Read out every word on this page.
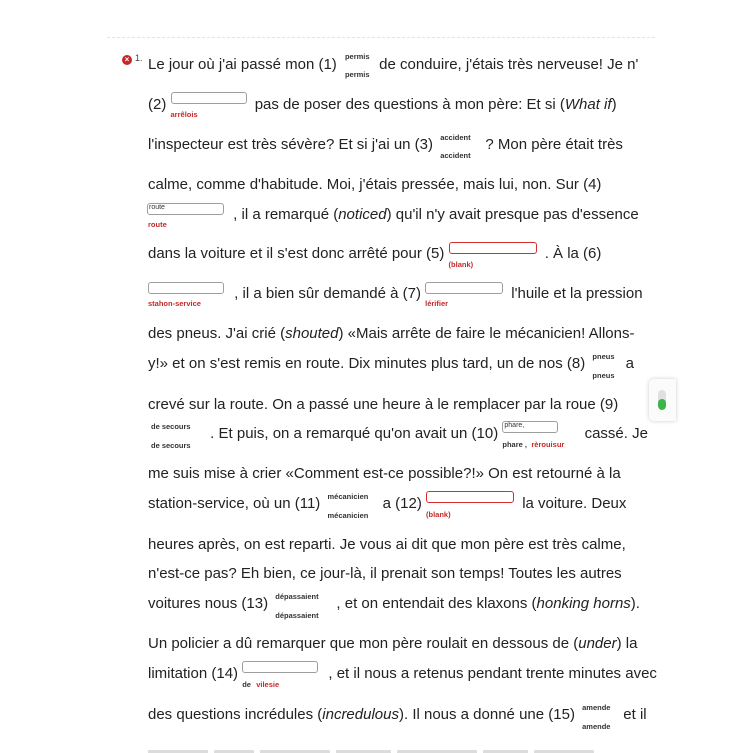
× 1. Le jour où j'ai passé mon (1) permis
permis
de conduire, j'étais très nerveuse! Je n'
(2)
arrêlois
pas de poser des questions à mon père: Et si (What if)
l'inspecteur est très sévère? Et si j'ai un (3) accident
accident
? Mon père était très
calme, comme d'habitude. Moi, j'étais pressée, mais lui, non. Sur (4)
route
route
, il a remarqué (noticed) qu'il n'y avait presque pas d'essence
dans la voiture et il s'est donc arrêté pour (5)
(blank)
. À la (6)
stahon-service
, il a bien sûr demandé à (7)
lérifier
l'huile et la pression
des pneus. J'ai crié (shouted) «Mais arrête de faire le mécanicien! Allons-
y!» et on s'est remis en route. Dix minutes plus tard, un de nos (8) pneus
pneus
a
crevé sur la route. On a passé une heure à le remplacer par la roue (9)
de secours
de secours
. Et puis, on a remarqué qu'on avait un (10) phare,
phare , rèrouisur
cassé. Je
me suis mise à crier «Comment est-ce possible?!» On est retourné à la
station-service, où un (11) mécanicien
mécanicien
a (12)
(blank)
la voiture. Deux
heures après, on est reparti. Je vous ai dit que mon père est très calme,
n'est-ce pas? Eh bien, ce jour-là, il prenait son temps! Toutes les autres
voitures nous (13) dépassaient
dépassaient
, et on entendait des klaxons (honking horns).
Un policier a dû remarquer que mon père roulait en dessous de (under) la
limitation (14)
de vilesie
, et il nous a retenus pendant trente minutes avec
des questions incrédules (incredulous). Il nous a donné une (15) amende
amende
et il
